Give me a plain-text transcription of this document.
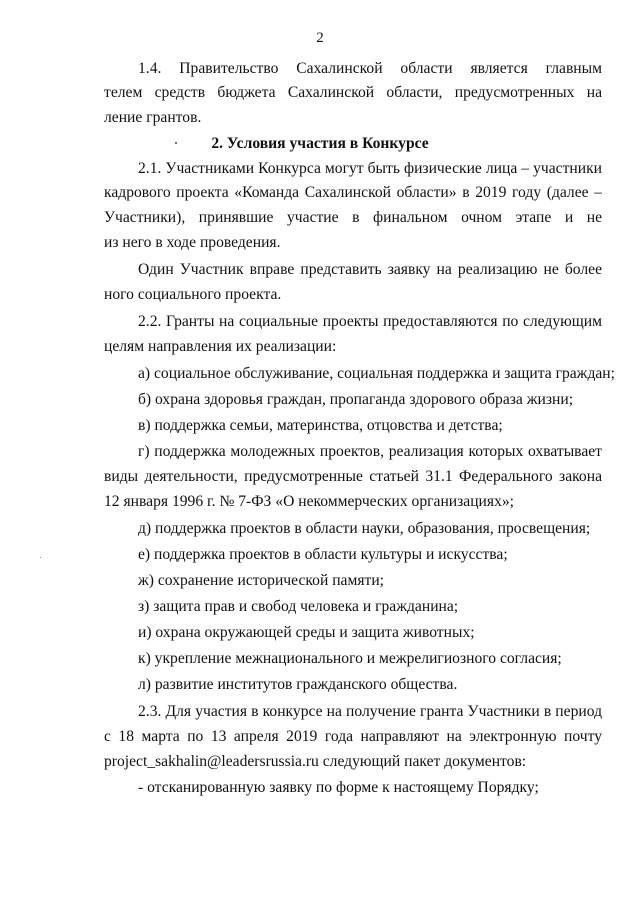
2
1.4. Правительство Сахалинской области является главным
телем средств бюджета Сахалинской области, предусмотренных на
ление грантов.
2. Условия участия в Конкурсе
2.1. Участниками Конкурса могут быть физические лица – участники
кадрового проекта «Команда Сахалинской области» в 2019 году (далее –
Участники), принявшие участие в финальном очном этапе и не
из него в ходе проведения.
Один Участник вправе представить заявку на реализацию не более
ного социального проекта.
2.2. Гранты на социальные проекты предоставляются по следующим
целям направления их реализации:
а) социальное обслуживание, социальная поддержка и защита граждан;
б) охрана здоровья граждан, пропаганда здорового образа жизни;
в) поддержка семьи, материнства, отцовства и детства;
г) поддержка молодежных проектов, реализация которых охватывает
виды деятельности, предусмотренные статьей 31.1 Федерального закона
12 января 1996 г. № 7-ФЗ «О некоммерческих организациях»;
д) поддержка проектов в области науки, образования, просвещения;
е) поддержка проектов в области культуры и искусства;
ж) сохранение исторической памяти;
з) защита прав и свобод человека и гражданина;
и) охрана окружающей среды и защита животных;
к) укрепление межнационального и межрелигиозного согласия;
л) развитие институтов гражданского общества.
2.3. Для участия в конкурсе на получение гранта Участники в период
с 18 марта по 13 апреля 2019 года направляют на электронную почту
project_sakhalin@leadersrussia.ru следующий пакет документов:
- отсканированную заявку по форме к настоящему Порядку;
